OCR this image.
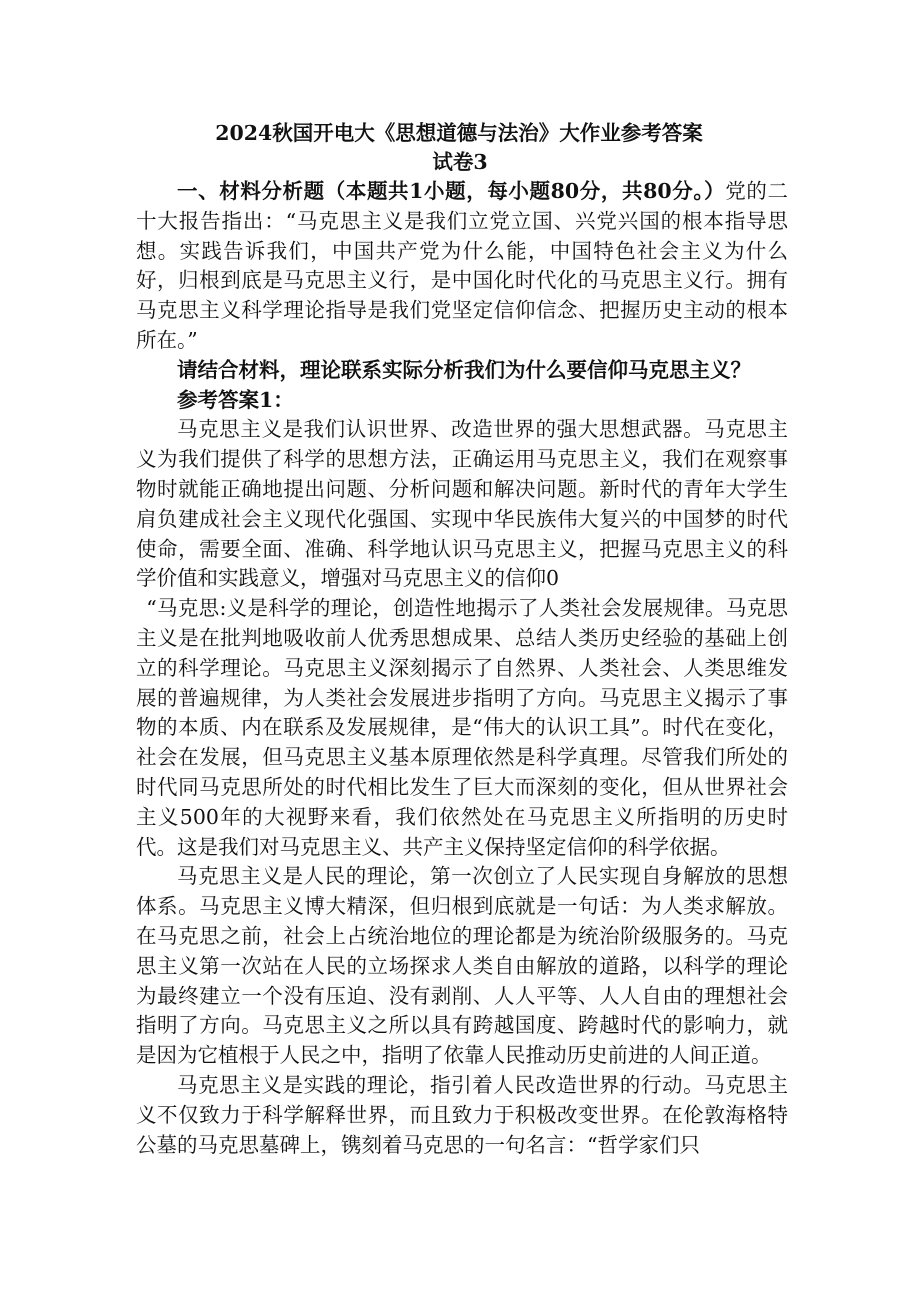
2024秋国开电大《思想道德与法治》大作业参考答案
试卷3

一、材料分析题（本题共1小题，每小题80分，共80分。）党的二十大报告指出：“马克思主义是我们立党立国、兴党兴国的根本指导思想。实践告诉我们，中国共产党为什么能，中国特色社会主义为什么好，归根到底是马克思主义行，是中国化时代化的马克思主义行。拥有马克思主义科学理论指导是我们党坚定信仰信念、把握历史主动的根本所在。”

请结合材料，理论联系实际分析我们为什么要信仰马克思主义？

参考答案1：

马克思主义是我们认识世界、改造世界的强大思想武器。马克思主义为我们提供了科学的思想方法，正确运用马克思主义，我们在观察事物时就能正确地提出问题、分析问题和解决问题。新时代的青年大学生肩负建成社会主义现代化强国、实现中华民族伟大复兴的中国梦的时代使命，需要全面、准确、科学地认识马克思主义，把握马克思主义的科学价值和实践意义，增强对马克思主义的信仰0

“马克思:义是科学的理论，创造性地揭示了人类社会发展规律。马克思主义是在批判地吸收前人优秀思想成果、总结人类历史经验的基础上创立的科学理论。马克思主义深刻揭示了自然界、人类社会、人类思维发展的普遍规律，为人类社会发展进步指明了方向。马克思主义揭示了事物的本质、内在联系及发展规律，是“伟大的认识工具”。时代在变化，社会在发展，但马克思主义基本原理依然是科学真理。尽管我们所处的时代同马克思所处的时代相比发生了巨大而深刻的变化，但从世界社会主义500年的大视野来看，我们依然处在马克思主义所指明的历史时代。这是我们对马克思主义、共产主义保持坚定信仰的科学依据。

马克思主义是人民的理论，第一次创立了人民实现自身解放的思想体系。马克思主义博大精深，但归根到底就是一句话：为人类求解放。在马克思之前，社会上占统治地位的理论都是为统治阶级服务的。马克思主义第一次站在人民的立场探求人类自由解放的道路，以科学的理论为最终建立一个没有压迫、没有剥削、人人平等、人人自由的理想社会指明了方向。马克思主义之所以具有跨越国度、跨越时代的影响力，就是因为它植根于人民之中，指明了依靠人民推动历史前进的人间正道。

马克思主义是实践的理论，指引着人民改造世界的行动。马克思主义不仅致力于科学解释世界，而且致力于积极改变世界。在伦敦海格特公墓的马克思墓碑上，镌刻着马克思的一句名言：“哲学家们只
